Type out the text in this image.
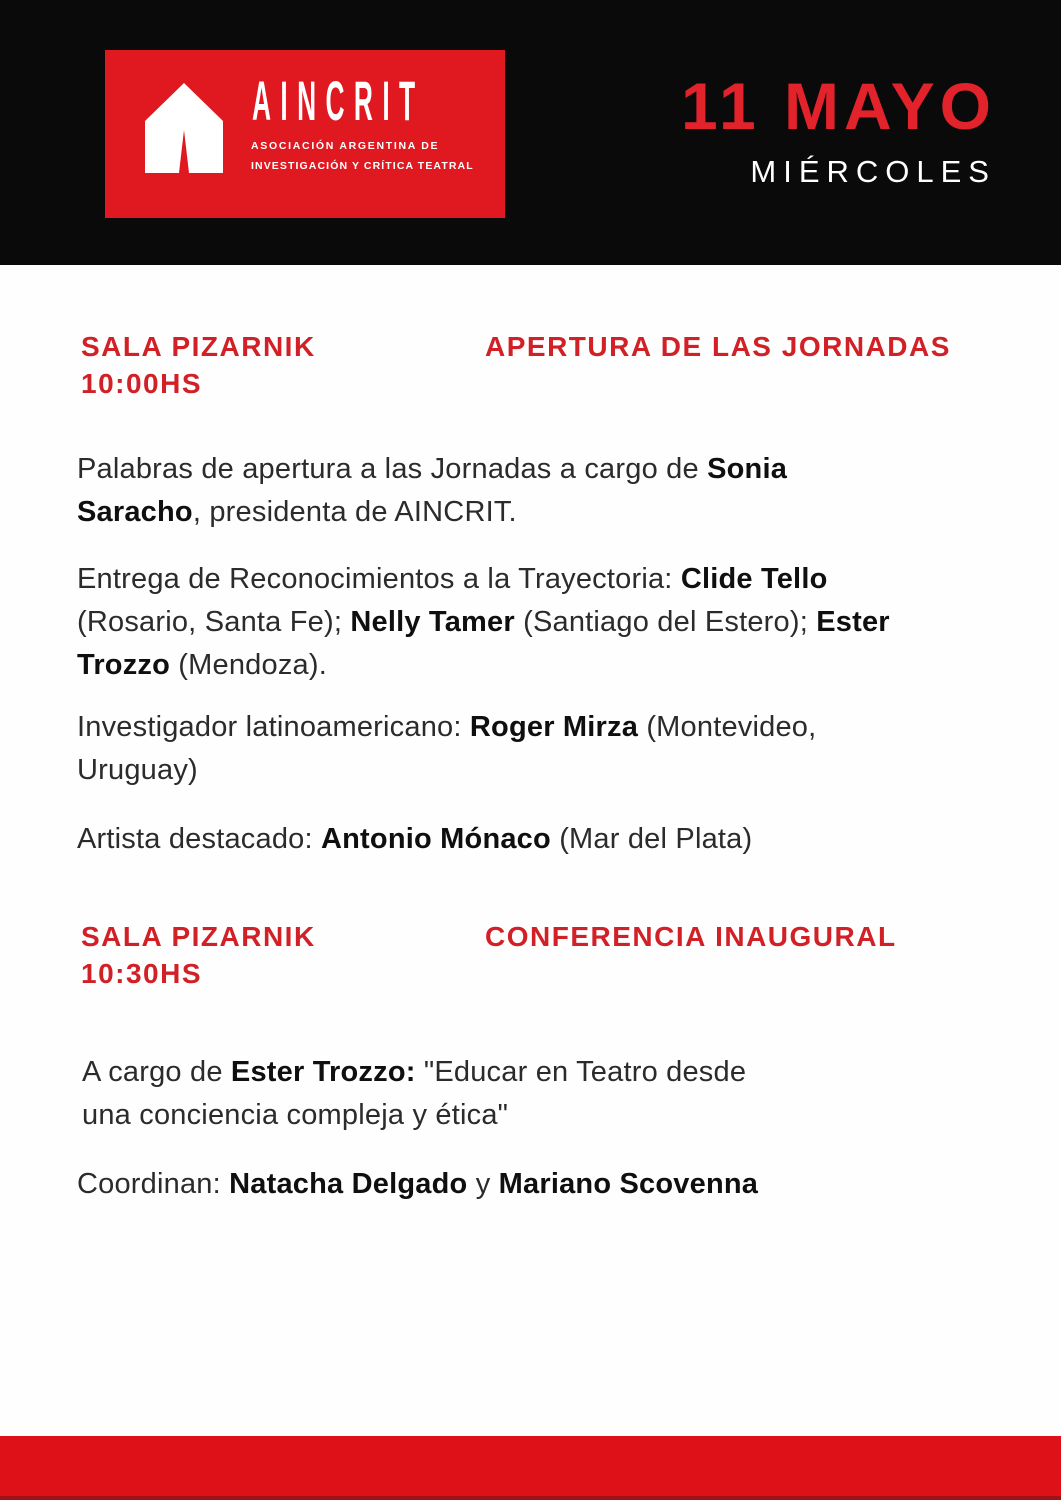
AINCRIT
ASOCIACIÓN ARGENTINA DE
INVESTIGACIÓN Y CRÍTICA TEATRAL
11 MAYO
MIÉRCOLES
SALA PIZARNIK	APERTURA DE LAS JORNADAS
10:00HS

Palabras de apertura a las Jornadas a cargo de Sonia
Saracho, presidenta de AINCRIT.

Entrega de Reconocimientos a la Trayectoria: Clide Tello
(Rosario, Santa Fe); Nelly Tamer (Santiago del Estero); Ester
Trozzo (Mendoza).

Investigador latinoamericano: Roger Mirza (Montevideo,
Uruguay)

Artista destacado: Antonio Mónaco (Mar del Plata)

SALA PIZARNIK	CONFERENCIA INAUGURAL
10:30HS

A cargo de Ester Trozzo: "Educar en Teatro desde
una conciencia compleja y ética"

Coordinan: Natacha Delgado y Mariano Scovenna
